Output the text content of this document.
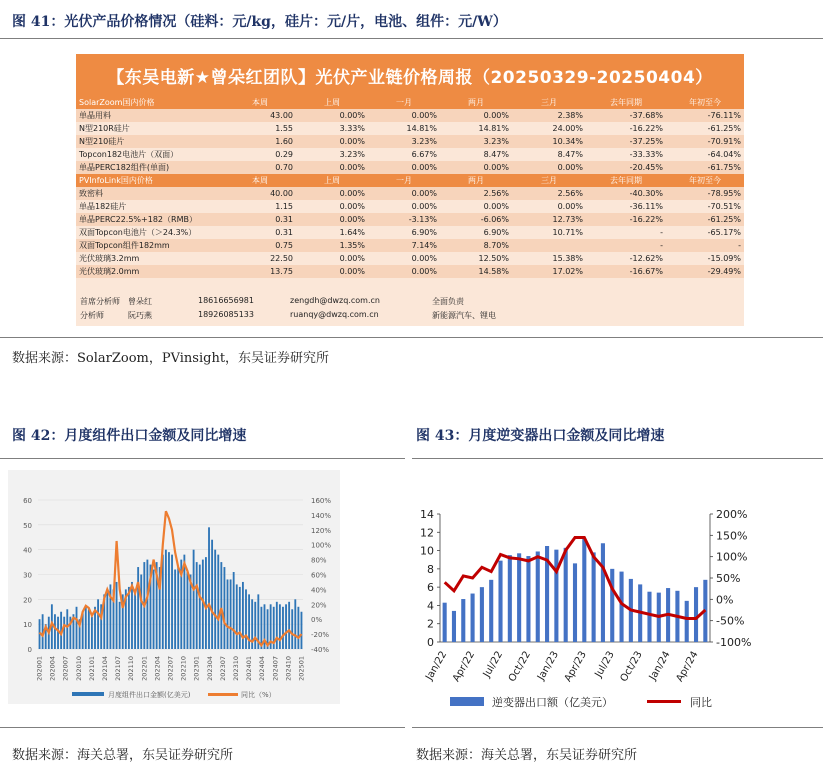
图 41：光伏产品价格情况（硅料：元/kg，硅片：元/片，电池、组件：元/W）
【东吴电新★曾朵红团队】光伏产业链价格周报（20250329-20250404）
SolarZoom国内价格	本周	上周	一月	两月	三月	去年同期	年初至今
单晶用料	43.00	0.00%	0.00%	0.00%	2.38%	-37.68%	-76.11%
N型210R硅片	1.55	3.33%	14.81%	14.81%	24.00%	-16.22%	-61.25%
N型210硅片	1.60	0.00%	3.23%	3.23%	10.34%	-37.25%	-70.91%
Topcon182电池片（双面）	0.29	3.23%	6.67%	8.47%	8.47%	-33.33%	-64.04%
单晶PERC182组件(单面)	0.70	0.00%	0.00%	0.00%	0.00%	-20.45%	-61.75%
PVInfoLink国内价格	本周	上周	一月	两月	三月	去年同期	年初至今
致密料	40.00	0.00%	0.00%	2.56%	2.56%	-40.30%	-78.95%
单晶182硅片	1.15	0.00%	0.00%	0.00%	0.00%	-36.11%	-70.51%
单晶PERC22.5%+182（RMB）	0.31	0.00%	-3.13%	-6.06%	12.73%	-16.22%	-61.25%
双面Topcon电池片（＞24.3%）	0.31	1.64%	6.90%	6.90%	10.71%	-	-65.17%
双面Topcon组件182mm	0.75	1.35%	7.14%	8.70%		-	-
光伏玻璃3.2mm	22.50	0.00%	0.00%	12.50%	15.38%	-12.62%	-15.09%
光伏玻璃2.0mm	13.75	0.00%	0.00%	14.58%	17.02%	-16.67%	-29.49%
首席分析师 曾朵红	18616656981	zengdh@dwzq.com.cn	全面负责
分析师	阮巧燕	18926085133	ruanqy@dwzq.com.cn	新能源汽车、锂电
数据来源：SolarZoom，PVinsight，东吴证券研究所
图 42：月度组件出口金额及同比增速
0
10
20
30
40
50
60
-40%
-20%
0%
20%
40%
60%
80%
100%
120%
140%
160%
202001 202004 202007 202010 202101 202104 202107 202110 202201 202204 202207 202210 202301 202304 202307 202310 202401 202404 202407 202410 202501
月度组件出口金额(亿美元)	同比（%）
数据来源：海关总署，东吴证券研究所
图 43：月度逆变器出口金额及同比增速
0
2
4
6
8
10
12
14
-100%
-50%
0%
50%
100%
150%
200%
Jan/22 Apr/22 Jul/22 Oct/22 Jan/23 Apr/23 Jul/23 Oct/23 Jan/24 Apr/24
逆变器出口额（亿美元）	同比
数据来源：海关总署，东吴证券研究所
